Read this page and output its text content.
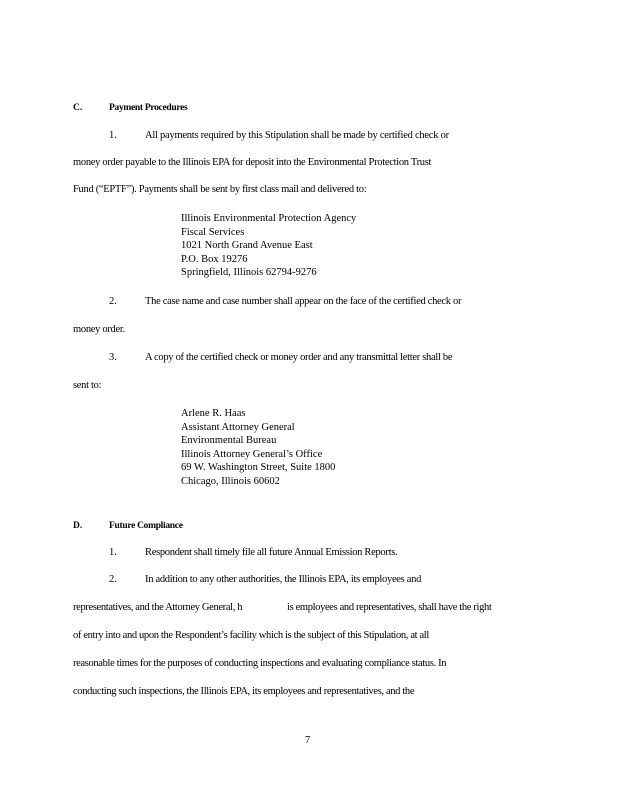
C.	Payment Procedures
1.	All payments required by this Stipulation shall be made by certified check or
money order payable to the Illinois EPA for deposit into the Environmental Protection Trust
Fund (“EPTF”). Payments shall be sent by first class mail and delivered to:
Illinois Environmental Protection Agency
Fiscal Services
1021 North Grand Avenue East
P.O. Box 19276
Springfield, Illinois 62794-9276
2.	The case name and case number shall appear on the face of the certified check or
money order.
3.	A copy of the certified check or money order and any transmittal letter shall be
sent to:
Arlene R. Haas
Assistant Attorney General
Environmental Bureau
Illinois Attorney General’s Office
69 W. Washington Street, Suite 1800
Chicago, Illinois 60602
D.	Future Compliance
1.	Respondent shall timely file all future Annual Emission Reports.
2.	In addition to any other authorities, the Illinois EPA, its employees and
representatives, and the Attorney General, h	is employees and representatives, shall have the right
of entry into and upon the Respondent’s facility which is the subject of this Stipulation, at all
reasonable times for the purposes of conducting inspections and evaluating compliance status. In
conducting such inspections, the Illinois EPA, its employees and representatives, and the
7
